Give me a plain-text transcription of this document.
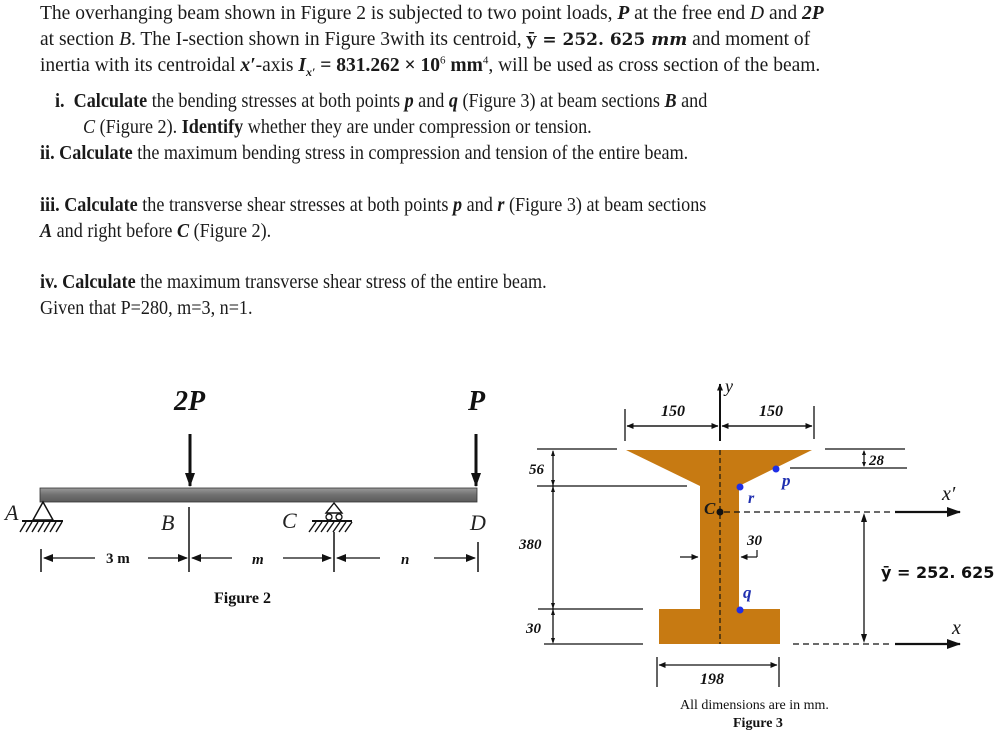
The overhanging beam shown in Figure 2 is subjected to two point loads, P at the free end D and 2P
at section B. The I-section shown in Figure 3with its centroid, ȳ = 252. 625 mm and moment of
inertia with its centroidal x′-axis $I_{x'} = 831.262 \times 10^6$ $mm^4$, will be used as cross section of the beam.
i. Calculate the bending stresses at both points p and q (Figure 3) at beam sections B and
C (Figure 2). Identify whether they are under compression or tension.
ii. Calculate the maximum bending stress in compression and tension of the entire beam.
iii. Calculate the transverse shear stresses at both points p and r (Figure 3) at beam sections
A and right before C (Figure 2).
iv. Calculate the maximum transverse shear stress of the entire beam.
Given that P=280, m=3, n=1.
2P	P
A	B	C	D
3 m	m	n
Figure 2
y
150	150
C
x′
x
ȳ = 252. 625
28
56
380
30
30
198
p
r
q
All dimensions are in mm.
Figure 3
